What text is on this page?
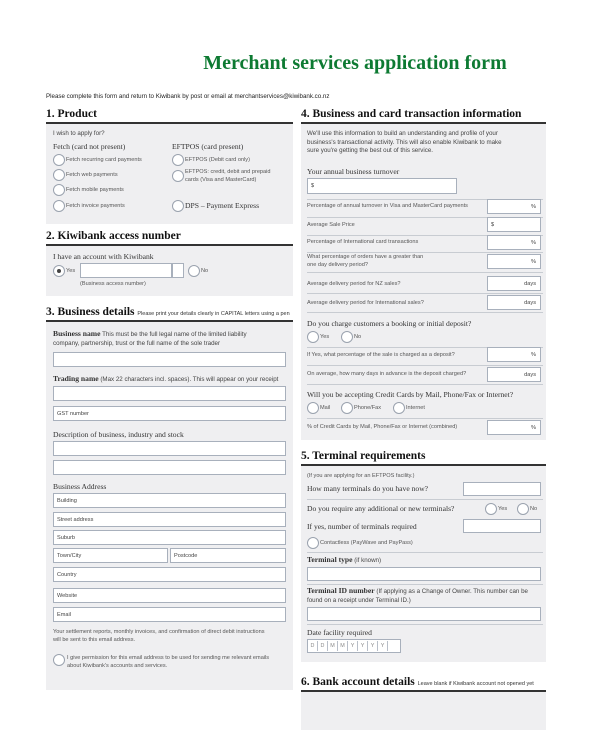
Merchant services application form
Please complete this form and return to Kiwibank by post or email at merchantservices@kiwibank.co.nz
1. Product
I wish to apply for?
Fetch (card not present)
Fetch recurring card payments
Fetch web payments
Fetch mobile payments
Fetch invoice payments
EFTPOS (card present)
EFTPOS (Debit card only)
EFTPOS: credit, debit and prepaid
cards (Visa and MasterCard)
DPS – Payment Express
2. Kiwibank access number
I have an account with Kiwibank
Yes	No
(Business access number)
3. Business details Please print your details clearly in CAPITAL letters using a pen
Business name This must be the full legal name of the limited liability
company, partnership, trust or the full name of the sole trader
Trading name (Max 22 characters incl. spaces). This will appear on your receipt
GST number
Description of business, industry and stock
Business Address
Building
Street address
Suburb
Town/City	Postcode
Country
Website
Email
Your settlement reports, monthly invoices, and confirmation of direct debit instructions
will be sent to this email address.
I give permission for this email address to be used for sending me relevant emails
about Kiwibank's accounts and services.
4. Business and card transaction information
We'll use this information to build an understanding and profile of your
business's transactional activity. This will also enable Kiwibank to make
sure you're getting the best out of this service.
Your annual business turnover
$
Percentage of annual turnover in Visa and MasterCard payments	%
Average Sale Price	$
Percentage of International card transactions	%
What percentage of orders have a greater than
one day delivery period?
%
Average delivery period for NZ sales?	days
Average delivery period for International sales?	days
Do you charge customers a booking or initial deposit?
Yes	No
If Yes, what percentage of the sale is charged as a deposit?	%
On average, how many days in advance is the deposit charged?	days
Will you be accepting Credit Cards by Mail, Phone/Fax or Internet?
Mail	Phone/Fax	Internet
% of Credit Cards by Mail, Phone/Fax or Internet (combined)	%
5. Terminal requirements
(If you are applying for an EFTPOS facility.)
How many terminals do you have now?
Do you require any additional or new terminals?	Yes	No
If yes, number of terminals required
Contactless (PayWave and PayPass)
Terminal type (if known)
Terminal ID number (If applying as a Change of Owner. This number can be
found on a receipt under Terminal ID.)
Date facility required
D	D	M	M	Y	Y	Y	Y
6. Bank account details Leave blank if Kiwibank account not opened yet
